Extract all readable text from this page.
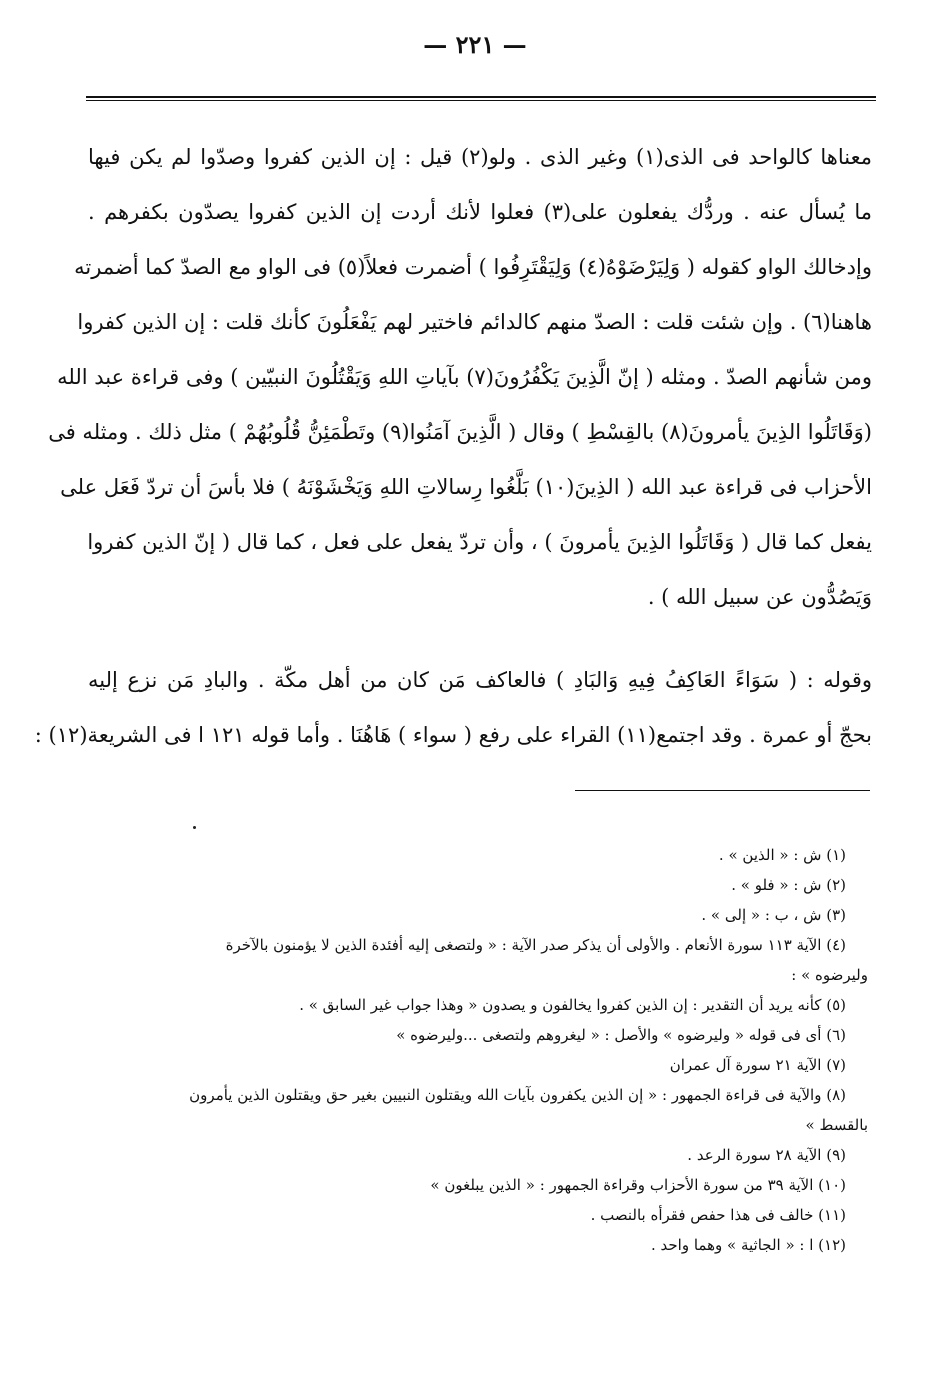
— ٢٢١ —

معناها كالواحد فى الذى(١) وغير الذى . ولو(٢) قيل : إن الذين كفروا وصدّوا لم يكن فيها

ما يُسأل عنه . وردُّك يفعلون على(٣) فعلوا لأنك أردت إن الذين كفروا يصدّون بكفرهم .

وإدخالك الواو كقوله ( وَلِيَرْضَوْهُ(٤) وَلِيَقْتَرِفُوا ) أضمرت فعلاً(٥) فى الواو مع الصدّ كما أضمرته

هاهنا(٦) . وإن شئت قلت : الصدّ منهم كالدائم فاختير لهم يَفْعَلُونَ كأنك قلت : إن الذين كفروا

ومن شأنهم الصدّ . ومثله ( إنّ الَّذِينَ يَكْفُرُونَ(٧) بآياتِ اللهِ وَيَقْتُلُونَ النبيّين ) وفى قراءة عبد الله

(وَقَاتَلُوا الذِينَ يأمرونَ(٨) بالقِسْطِ ) وقال ( الَّذِينَ آمَنُوا(٩) وتَطْمَئِنُّ قُلُوبُهُمْ ) مثل ذلك . ومثله فى

الأحزاب فى قراءة عبد الله ( الذِينَ(١٠) بَلَّغُوا رِسالاتِ اللهِ وَيَخْشَوْنَهُ ) فلا بأسَ أن تردّ فَعَل على

يفعل كما قال ( وَقَاتَلُوا الذِينَ يأمرونَ ) ، وأن تردّ يفعل على فعل ، كما قال ( إنّ الذين كفروا

وَيَصُدُّون عن سبيل الله ) .

وقوله : ( سَوَاءً العَاكِفُ فِيهِ وَالبَادِ ) فالعاكف مَن كان من أهل مكّة . والبادِ مَن نزع إليه

بحجّ أو عمرة . وقد اجتمع(١١) القراء على رفع ( سواء ) هَاهُنَا . وأما قوله ١٢١ ا فى الشريعة(١٢) :

(١) ش : « الذين » .

(٢) ش : « فلو » .

(٣) ش ، ب : « إلى » .

(٤) الآية ١١٣ سورة الأنعام . والأولى أن يذكر صدر الآية : « ولتصغى إليه أفئدة الذين لا يؤمنون بالآخرة

وليرضوه » :

(٥) كأنه يريد أن التقدير : إن الذين كفروا يخالفون و يصدون « وهذا جواب غير السابق » .

(٦) أى فى قوله « وليرضوه » والأصل : « ليغروهم ولتصغى ...وليرضوه »

(٧) الآية ٢١ سورة آل عمران

(٨) والآية فى قراءة الجمهور : « إن الذين يكفرون بآيات الله ويقتلون النبيين بغير حق ويقتلون الذين يأمرون

بالقسط »

(٩) الآية ٢٨ سورة الرعد .

(١٠) الآية ٣٩ من سورة الأحزاب وقراءة الجمهور : « الذين يبلغون »

(١١) خالف فى هذا حفص فقرأه بالنصب .

(١٢) ا : « الجاثية » وهما واحد .
